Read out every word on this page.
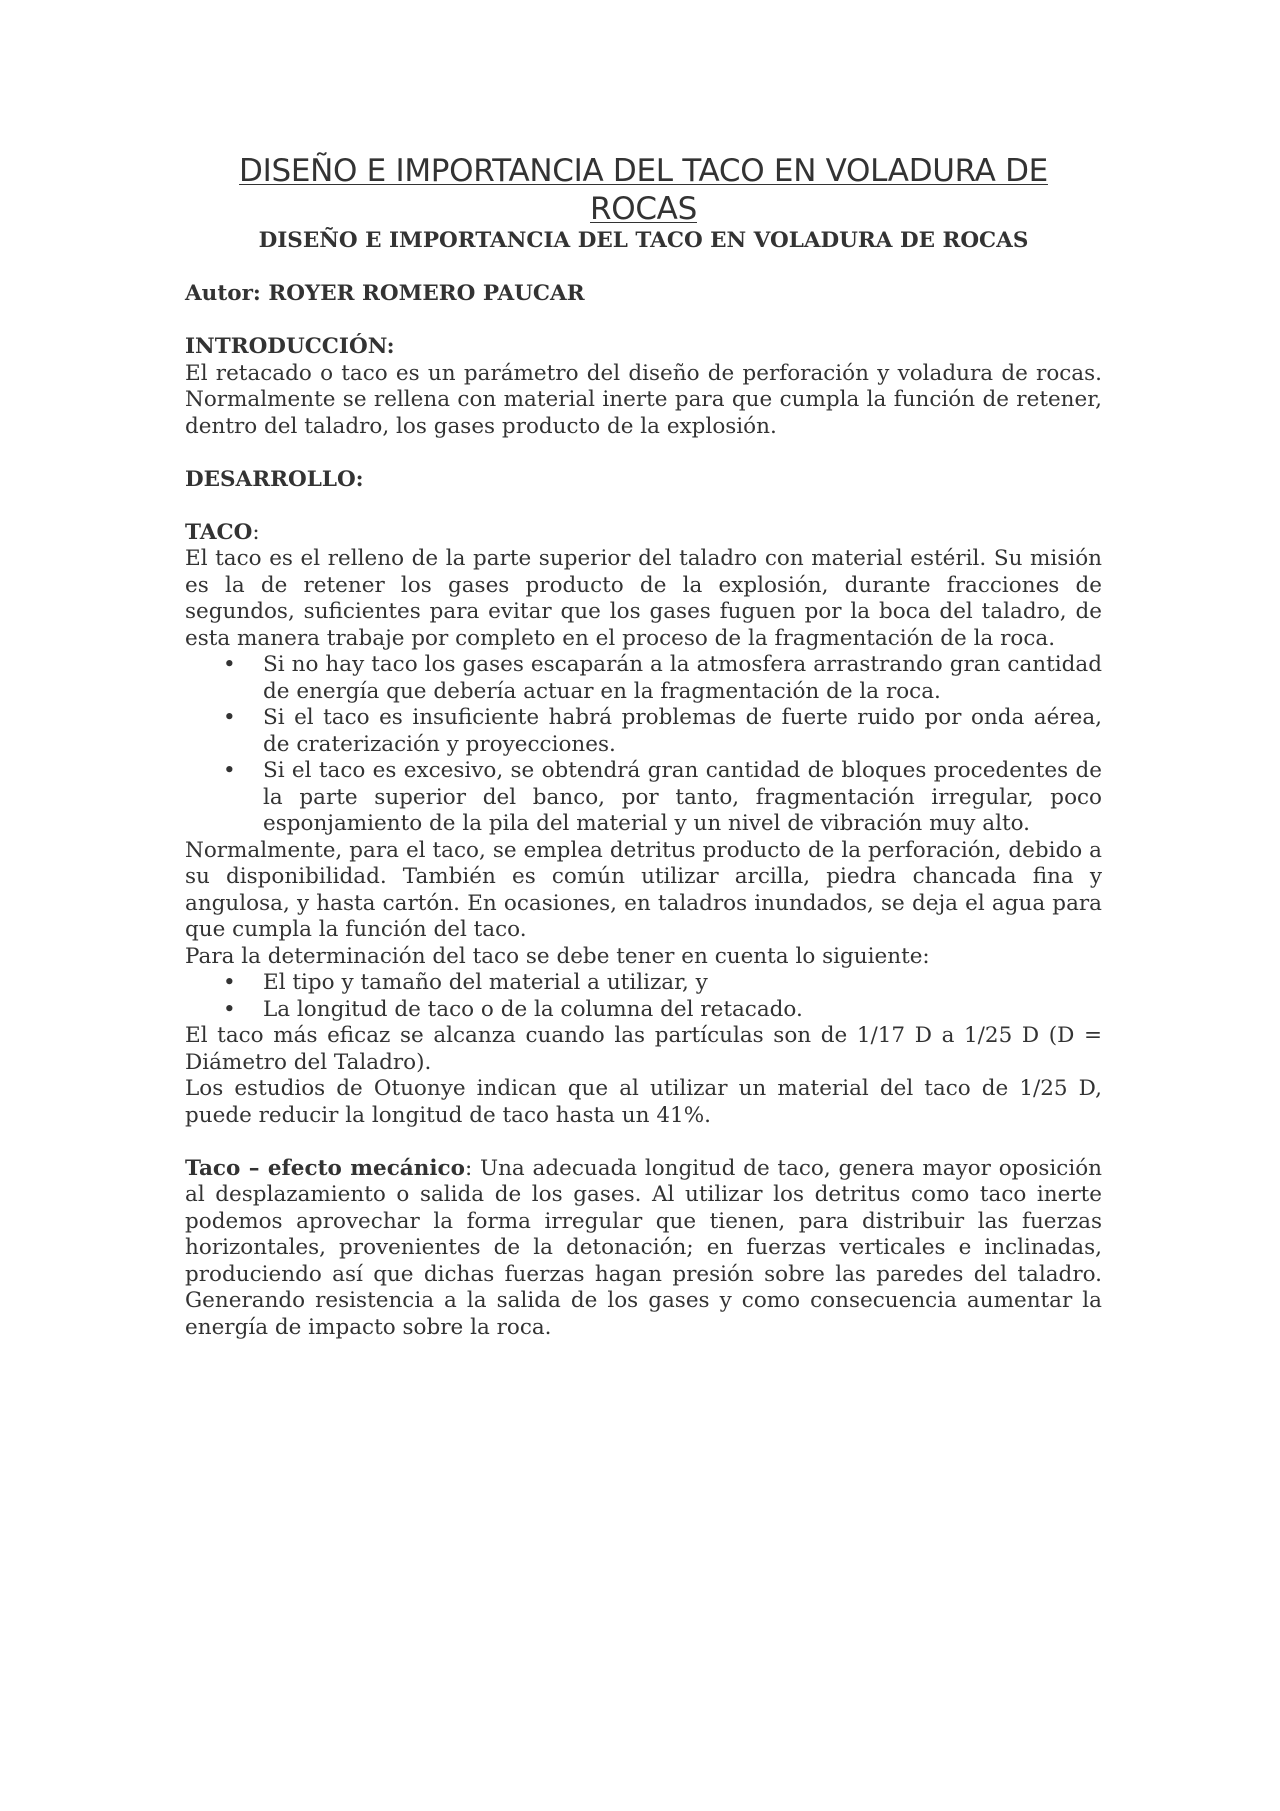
DISEÑO E IMPORTANCIA DEL TACO EN VOLADURA DE
ROCAS
DISEÑO E IMPORTANCIA DEL TACO EN VOLADURA DE ROCAS
Autor: ROYER ROMERO PAUCAR
INTRODUCCIÓN:

El retacado o taco es un parámetro del diseño de perforación y voladura de rocas. Normalmente se rellena con material inerte para que cumpla la función de retener, dentro del taladro, los gases producto de la explosión.

DESARROLLO:
TACO:

El taco es el relleno de la parte superior del taladro con material estéril. Su misión es la de retener los gases producto de la explosión, durante fracciones de segundos, suficientes para evitar que los gases fuguen por la boca del taladro, de esta manera trabaje por completo en el proceso de la fragmentación de la roca.

• Si no hay taco los gases escaparán a la atmosfera arrastrando gran cantidad de energía que debería actuar en la fragmentación de la roca.
• Si el taco es insuficiente habrá problemas de fuerte ruido por onda aérea, de craterización y proyecciones.
• Si el taco es excesivo, se obtendrá gran cantidad de bloques procedentes de la parte superior del banco, por tanto, fragmentación irregular, poco esponjamiento de la pila del material y un nivel de vibración muy alto.

Normalmente, para el taco, se emplea detritus producto de la perforación, debido a su disponibilidad. También es común utilizar arcilla, piedra chancada fina y angulosa, y hasta cartón. En ocasiones, en taladros inundados, se deja el agua para que cumpla la función del taco.

Para la determinación del taco se debe tener en cuenta lo siguiente:

• El tipo y tamaño del material a utilizar, y
• La longitud de taco o de la columna del retacado.

El taco más eficaz se alcanza cuando las partículas son de 1/17 D a 1/25 D (D = Diámetro del Taladro).

Los estudios de Otuonye indican que al utilizar un material del taco de 1/25 D, puede reducir la longitud de taco hasta un 41%.

Taco – efecto mecánico: Una adecuada longitud de taco, genera mayor oposición al desplazamiento o salida de los gases. Al utilizar los detritus como taco inerte podemos aprovechar la forma irregular que tienen, para distribuir las fuerzas horizontales, provenientes de la detonación; en fuerzas verticales e inclinadas, produciendo así que dichas fuerzas hagan presión sobre las paredes del taladro. Generando resistencia a la salida de los gases y como consecuencia aumentar la energía de impacto sobre la roca.
